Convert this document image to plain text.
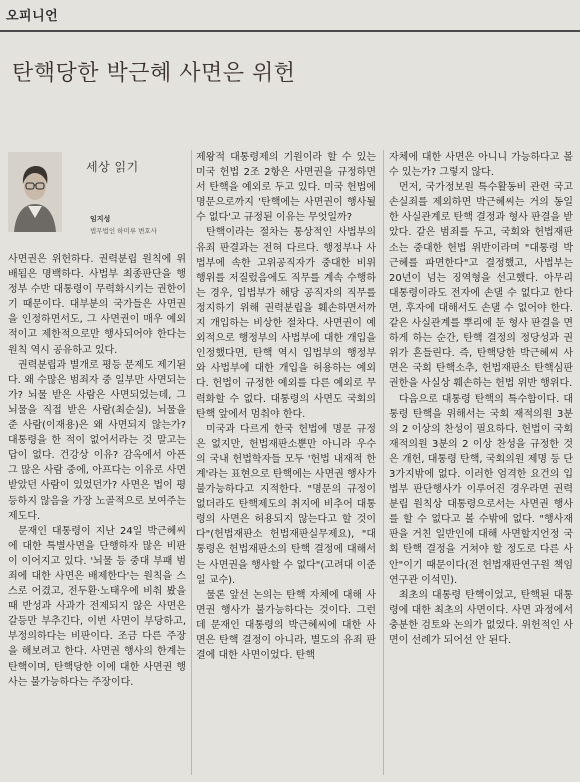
오피니언
탄핵당한 박근혜 사면은 위헌
세상 읽기
임지성
법무법인 하미루 변호사

사면권은 위헌하다. 권력분립 원칙에 위배됨은 명백하다. 사법부 최종판단을 행정부 수반 대통령이 무력화시키는 권한이기 때문이다. 대부분의 국가들은 사면권을 인정하면서도, 그 사면권이 매우 예외적이고 제한적으로만 행사되어야 한다는 원칙 역시 공유하고 있다.

권력분립과 별개로 평등 문제도 제기된다. 왜 수많은 범죄자 중 일부만 사면되는가? 뇌물 받은 사람은 사면되었는데, 그 뇌물을 직접 받은 사람(최순실), 뇌물을 준 사람(이재용)은 왜 사면되지 않는가? 대통령을 한 적이 없어서라는 것 말고는 답이 없다. 건강상 이유? 감옥에서 아픈 그 많은 사람 중에, 아프다는 이유로 사면받았던 사람이 있었던가? 사면은 법이 평등하지 않음을 가장 노골적으로 보여주는 제도다.

문재인 대통령이 지난 24일 박근혜씨에 대한 특별사면을 단행하자 많은 비판이 이어지고 있다. '뇌물 등 중대 부패 범죄에 대한 사면은 배제한다'는 원칙을 스스로 어겼고, 전두환·노태우에 비춰 봤을 때 반성과 사과가 전제되지 않은 사면은 갈등만 부추긴다, 이번 사면이 부당하고, 부정의하다는 비판이다. 조금 다른 주장을 해보려고 한다. 사면권 행사의 한계는 탄핵이며, 탄핵당한 이에 대한 사면권 행사는 불가능하다는 주장이다.

제왕적 대통령제의 기원이라 할 수 있는 미국 헌법 2조 2항은 사면권을 규정하면서 탄핵을 예외로 두고 있다. 미국 헌법에 명문으로까지 '탄핵에는 사면권이 행사될 수 없다'고 규정된 이유는 무엇일까?

탄핵이라는 절차는 통상적인 사법부의 유죄 판결과는 전혀 다르다. 행정부나 사법부에 속한 고위공직자가 중대한 비위 행위를 저질렀음에도 직무를 계속 수행하는 경우, 입법부가 해당 공직자의 직무를 정지하기 위해 권력분립을 훼손하면서까지 개입하는 비상한 절차다. 사면권이 예외적으로 행정부의 사법부에 대한 개입을 인정했다면, 탄핵 역시 입법부의 행정부와 사법부에 대한 개입을 허용하는 예외다. 헌법이 규정한 예외를 다른 예외로 무력화할 수 없다. 대통령의 사면도 국회의 탄핵 앞에서 멈춰야 한다.

미국과 다르게 한국 헌법에 명문 규정은 없지만, 헌법재판소뿐만 아니라 우수의 국내 헌법학자들 모두 '헌법 내재적 한계'라는 표현으로 탄핵에는 사면권 행사가 불가능하다고 지적한다. "명문의 규정이 없더라도 탄핵제도의 취지에 비추어 대통령의 사면은 허용되지 않는다고 할 것이다"(헌법재판소 헌법재판실무제요), "대통령은 헌법재판소의 탄핵 결정에 대해서는 사면권을 행사할 수 없다"(고려대 이준일 교수).

물론 앞선 논의는 탄핵 자체에 대해 사면권 행사가 불가능하다는 것이다. 그런데 문재인 대통령의 박근혜씨에 대한 사면은 탄핵 결정이 아니라, 별도의 유죄 판결에 대한 사면이었다. 탄핵

자체에 대한 사면은 아니니 가능하다고 볼 수 있는가? 그렇지 않다.

먼저, 국가정보원 특수활동비 관련 국고손실죄를 제외하면 박근혜씨는 거의 동일한 사실관계로 탄핵 결정과 형사 판결을 받았다. 같은 범죄를 두고, 국회와 헌법재판소는 중대한 헌법 위반이라며 "대통령 박근혜를 파면한다"고 결정했고, 사법부는 20년이 넘는 징역형을 선고했다. 아무리 대통령이라도 전자에 손댈 수 없다고 한다면, 후자에 대해서도 손댈 수 없어야 한다. 같은 사실관계를 뿌리에 둔 형사 판결을 면하게 하는 순간, 탄핵 결정의 정당성과 권위가 흔들린다. 즉, 탄핵당한 박근혜씨 사면은 국회 탄핵소추, 헌법재판소 탄핵심판 권한을 사실상 훼손하는 헌법 위반 행위다.

다음으로 대통령 탄핵의 특수함이다. 대통령 탄핵을 위해서는 국회 재적의원 3분의 2 이상의 찬성이 필요하다. 헌법이 국회 재적의원 3분의 2 이상 찬성을 규정한 것은 개헌, 대통령 탄핵, 국회의원 제명 등 단 3가지밖에 없다. 이러한 엄격한 요건의 입법부 판단행사가 이루어진 경우라면 권력분립 원칙상 대통령으로서는 사면권 행사를 할 수 없다고 볼 수밖에 없다. "행사재판을 거친 일반인에 대해 사면할지언정 국회 탄핵 결정을 거쳐야 할 정도로 다른 사안"이기 때문이다(전 헌법재판연구원 책임연구관 이석민).

최초의 대통령 탄핵이었고, 탄핵된 대통령에 대한 최초의 사면이다. 사면 과정에서 충분한 검토와 논의가 없었다. 위헌적인 사면이 선례가 되어선 안 된다.
